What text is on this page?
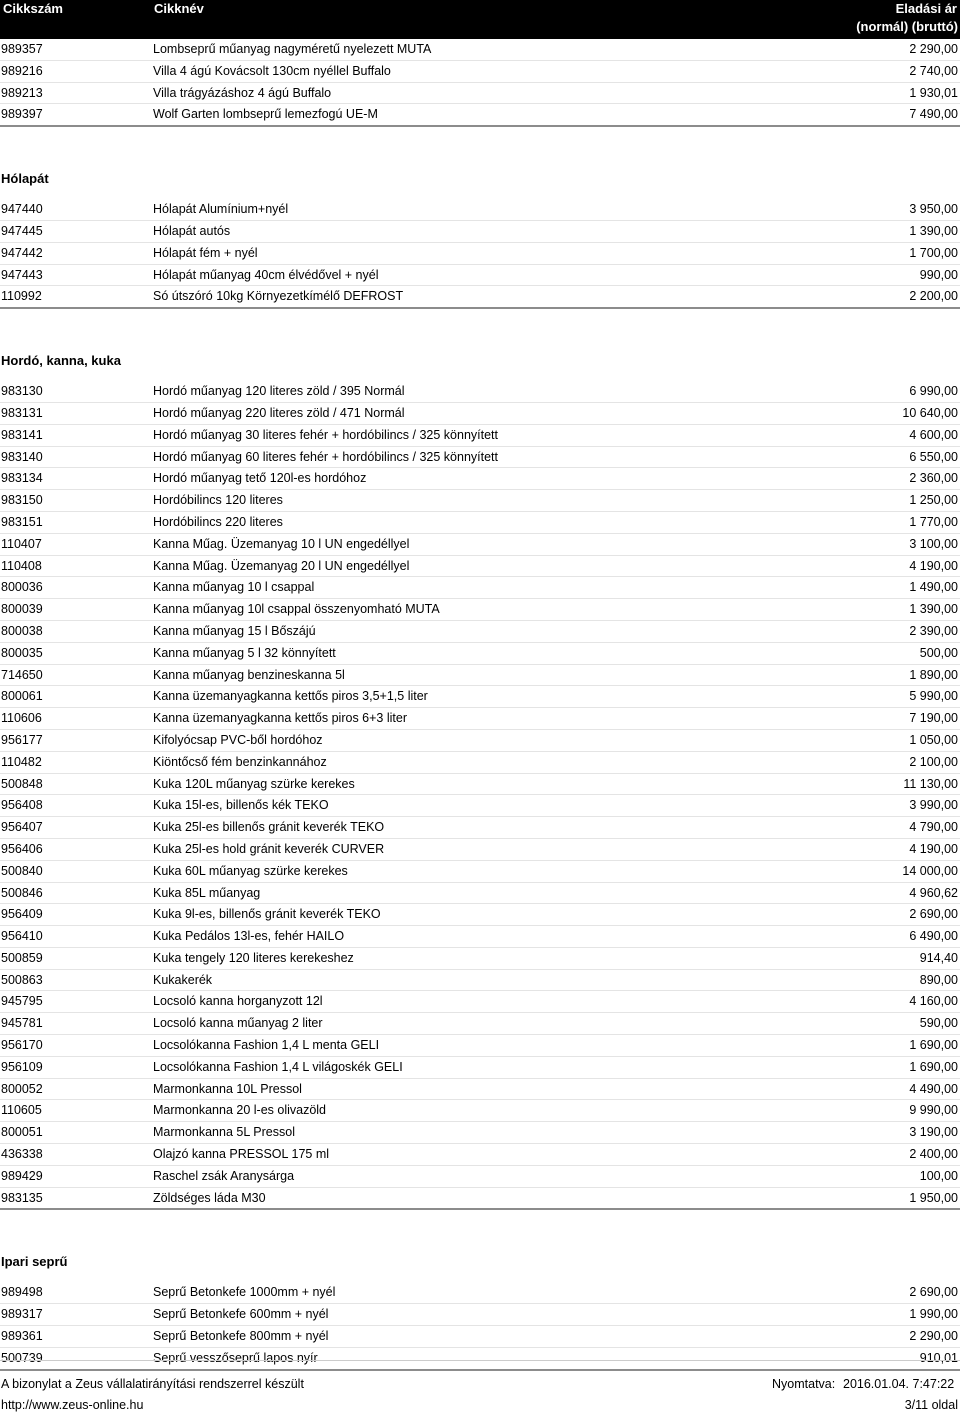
Cikkszám	Cikknév	Eladási ár
(normál) (bruttó)
989357	Lombseprű műanyag nagyméretű nyelezett MUTA	2 290,00
989216	Villa 4 ágú Kovácsolt 130cm nyéllel Buffalo	2 740,00
989213	Villa trágyázáshoz 4 ágú Buffalo	1 930,01
989397	Wolf Garten lombseprű lemezfogú UE-M	7 490,00
Hólapát
947440	Hólapát Alumínium+nyél	3 950,00
947445	Hólapát autós	1 390,00
947442	Hólapát fém + nyél	1 700,00
947443	Hólapát műanyag 40cm élvédővel + nyél	990,00
110992	Só útszóró 10kg Környezetkímélő DEFROST	2 200,00
Hordó, kanna, kuka
983130	Hordó műanyag 120 literes zöld / 395 Normál	6 990,00
983131	Hordó műanyag 220 literes zöld / 471 Normál	10 640,00
983141	Hordó műanyag 30 literes fehér + hordóbilincs / 325 könnyített	4 600,00
983140	Hordó műanyag 60 literes fehér + hordóbilincs / 325 könnyített	6 550,00
983134	Hordó műanyag tető 120l-es hordóhoz	2 360,00
983150	Hordóbilincs 120 literes	1 250,00
983151	Hordóbilincs 220 literes	1 770,00
110407	Kanna Műag. Üzemanyag 10 l UN engedéllyel	3 100,00
110408	Kanna Műag. Üzemanyag 20 l UN engedéllyel	4 190,00
800036	Kanna műanyag 10 l csappal	1 490,00
800039	Kanna műanyag 10l csappal összenyomható MUTA	1 390,00
800038	Kanna műanyag 15 l Bőszájú	2 390,00
800035	Kanna műanyag 5 l 32 könnyített	500,00
714650	Kanna műanyag benzineskanna 5l	1 890,00
800061	Kanna üzemanyagkanna kettős piros 3,5+1,5 liter	5 990,00
110606	Kanna üzemanyagkanna kettős piros 6+3 liter	7 190,00
956177	Kifolyócsap PVC-ből hordóhoz	1 050,00
110482	Kiöntőcső fém benzinkannához	2 100,00
500848	Kuka 120L műanyag szürke kerekes	11 130,00
956408	Kuka 15l-es, billenős kék TEKO	3 990,00
956407	Kuka 25l-es billenős gránit keverék TEKO	4 790,00
956406	Kuka 25l-es hold gránit keverék CURVER	4 190,00
500840	Kuka 60L műanyag szürke kerekes	14 000,00
500846	Kuka 85L műanyag	4 960,62
956409	Kuka 9l-es, billenős gránit keverék TEKO	2 690,00
956410	Kuka Pedálos 13l-es, fehér HAILO	6 490,00
500859	Kuka tengely 120 literes kerekeshez	914,40
500863	Kukakerék	890,00
945795	Locsoló kanna horganyzott 12l	4 160,00
945781	Locsoló kanna műanyag 2 liter	590,00
956170	Locsolókanna Fashion 1,4 L menta GELI	1 690,00
956109	Locsolókanna Fashion 1,4 L világoskék GELI	1 690,00
800052	Marmonkanna 10L Pressol	4 490,00
110605	Marmonkanna 20 l-es olivazöld	9 990,00
800051	Marmonkanna 5L Pressol	3 190,00
436338	Olajzó kanna PRESSOL 175 ml	2 400,00
989429	Raschel zsák Aranysárga	100,00
983135	Zöldséges láda M30	1 950,00
Ipari seprű
989498	Seprű Betonkefe 1000mm + nyél	2 690,00
989317	Seprű Betonkefe 600mm + nyél	1 990,00
989361	Seprű Betonkefe 800mm + nyél	2 290,00
500739	Seprű vesszőseprű lapos nyír	910,01
A bizonylat a Zeus vállalatirányítási rendszerrel készült
http://www.zeus-online.hu
Nyomtatva: 2016.01.04. 7:47:22
3/11 oldal
